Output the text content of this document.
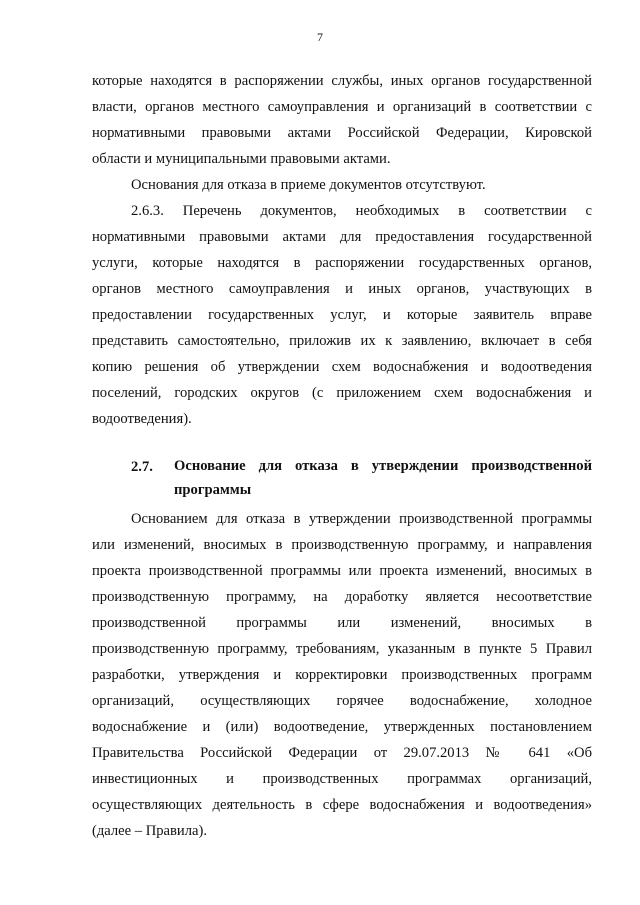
7
которые находятся в распоряжении службы, иных органов государственной
власти, органов местного самоуправления и организаций в соответствии с
нормативными правовыми актами Российской Федерации, Кировской
области и муниципальными правовыми актами.
Основания для отказа в приеме документов отсутствуют.
2.6.3. Перечень документов, необходимых в соответствии с
нормативными правовыми актами для предоставления государственной
услуги, которые находятся в распоряжении государственных органов,
органов местного самоуправления и иных органов, участвующих в
предоставлении государственных услуг, и которые заявитель вправе
представить самостоятельно, приложив их к заявлению, включает в себя
копию решения об утверждении схем водоснабжения и водоотведения
поселений, городских округов (с приложением схем водоснабжения и
водоотведения).
2.7. Основание для отказа в утверждении производственной
программы
Основанием для отказа в утверждении производственной программы
или изменений, вносимых в производственную программу, и направления
проекта производственной программы или проекта изменений, вносимых в
производственную программу, на доработку является несоответствие
производственной программы или изменений, вносимых в
производственную программу, требованиям, указанным в пункте 5 Правил
разработки, утверждения и корректировки производственных программ
организаций, осуществляющих горячее водоснабжение, холодное
водоснабжение и (или) водоотведение, утвержденных постановлением
Правительства Российской Федерации от 29.07.2013 № 641 «Об
инвестиционных и производственных программах организаций,
осуществляющих деятельность в сфере водоснабжения и водоотведения»
(далее – Правила).
